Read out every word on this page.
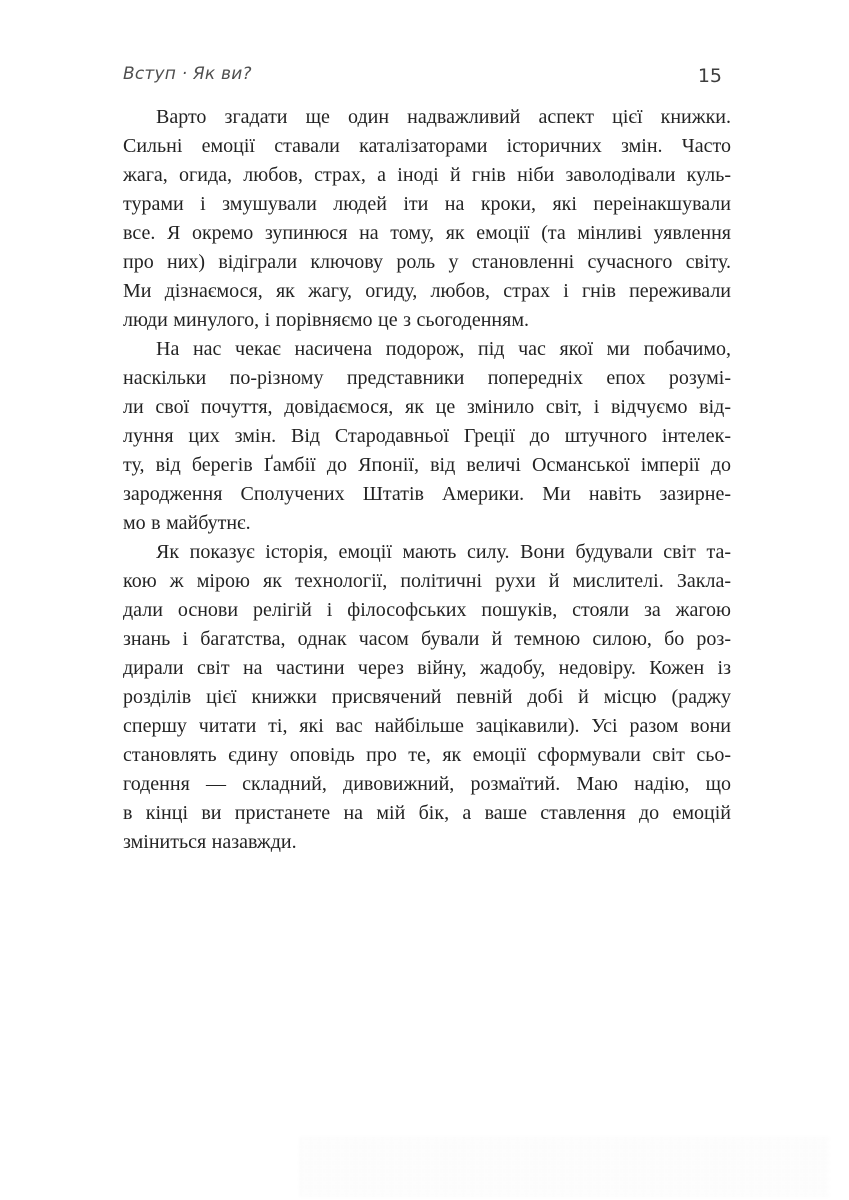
Вступ · Як ви?	15
Варто згадати ще один надважливий аспект цієї книжки.
Сильні емоції ставали каталізаторами історичних змін. Часто
жага, огида, любов, страх, а іноді й гнів ніби заволодівали куль-
турами і змушували людей іти на кроки, які переінакшували
все. Я окремо зупинюся на тому, як емоції (та мінливі уявлення
про них) відіграли ключову роль у становленні сучасного світу.
Ми дізнаємося, як жагу, огиду, любов, страх і гнів переживали
люди минулого, і порівняємо це з сьогоденням.
На нас чекає насичена подорож, під час якої ми побачимо,
наскільки по-різному представники попередніх епох розумі-
ли свої почуття, довідаємося, як це змінило світ, і відчуємо від-
луння цих змін. Від Стародавньої Греції до штучного інтелек-
ту, від берегів Ґамбії до Японії, від величі Османської імперії до
зародження Сполучених Штатів Америки. Ми навіть зазирне-
мо в майбутнє.
Як показує історія, емоції мають силу. Вони будували світ та-
кою ж мірою як технології, політичні рухи й мислителі. Закла-
дали основи релігій і філософських пошуків, стояли за жагою
знань і багатства, однак часом бували й темною силою, бо роз-
дирали світ на частини через війну, жадобу, недовіру. Кожен із
розділів цієї книжки присвячений певній добі й місцю (раджу
спершу читати ті, які вас найбільше зацікавили). Усі разом вони
становлять єдину оповідь про те, як емоції сформували світ сьо-
годення — складний, дивовижний, розмаїтий. Маю надію, що
в кінці ви пристанете на мій бік, а ваше ставлення до емоцій
зміниться назавжди.
